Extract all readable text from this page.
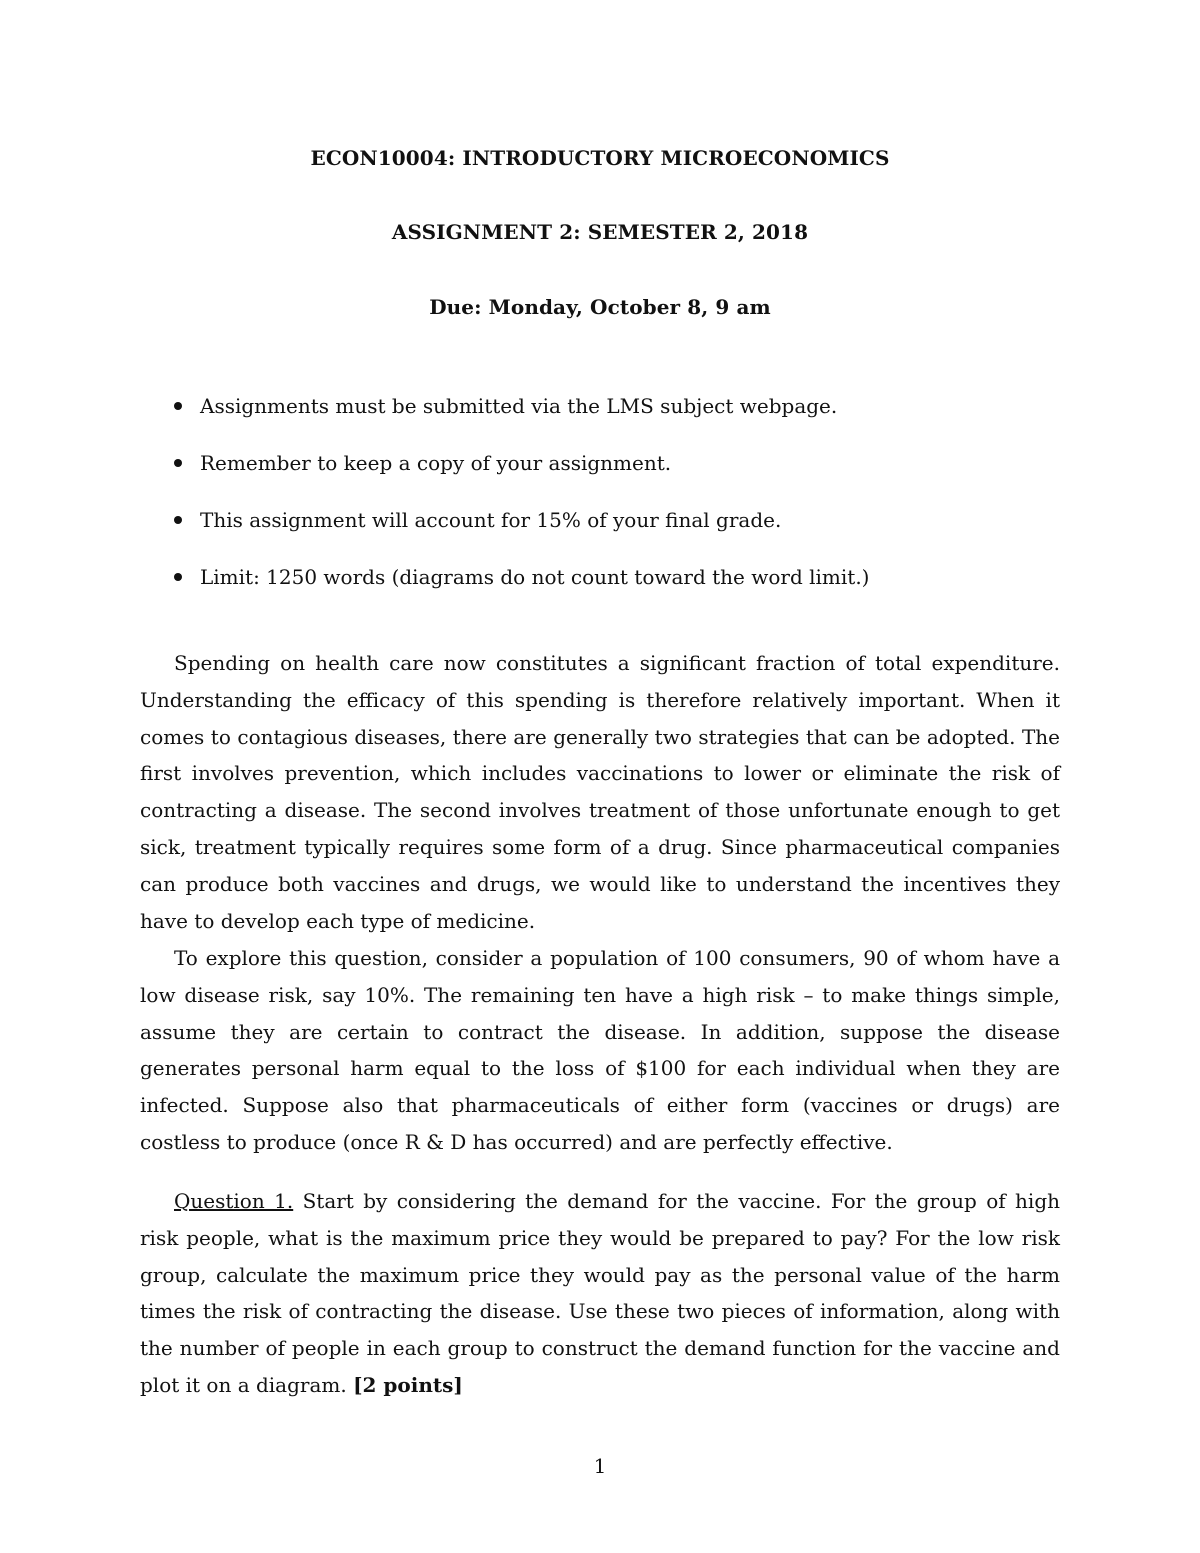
ECON10004: INTRODUCTORY MICROECONOMICS
ASSIGNMENT 2: SEMESTER 2, 2018
Due: Monday, October 8, 9 am
Assignments must be submitted via the LMS subject webpage.
Remember to keep a copy of your assignment.
This assignment will account for 15% of your final grade.
Limit: 1250 words (diagrams do not count toward the word limit.)

Spending on health care now constitutes a significant fraction of total expenditure. Understanding the efficacy of this spending is therefore relatively important. When it comes to contagious diseases, there are generally two strategies that can be adopted. The first involves prevention, which includes vaccinations to lower or eliminate the risk of contracting a disease. The second involves treatment of those unfortunate enough to get sick, treatment typically requires some form of a drug. Since pharmaceutical companies can produce both vaccines and drugs, we would like to understand the incentives they have to develop each type of medicine.

To explore this question, consider a population of 100 consumers, 90 of whom have a low disease risk, say 10%. The remaining ten have a high risk – to make things simple, assume they are certain to contract the disease. In addition, suppose the disease generates personal harm equal to the loss of $100 for each individual when they are infected. Suppose also that pharmaceuticals of either form (vaccines or drugs) are costless to produce (once R & D has occurred) and are perfectly effective.

Question 1. Start by considering the demand for the vaccine. For the group of high risk people, what is the maximum price they would be prepared to pay? For the low risk group, calculate the maximum price they would pay as the personal value of the harm times the risk of contracting the disease. Use these two pieces of information, along with the number of people in each group to construct the demand function for the vaccine and plot it on a diagram. [2 points]

1
